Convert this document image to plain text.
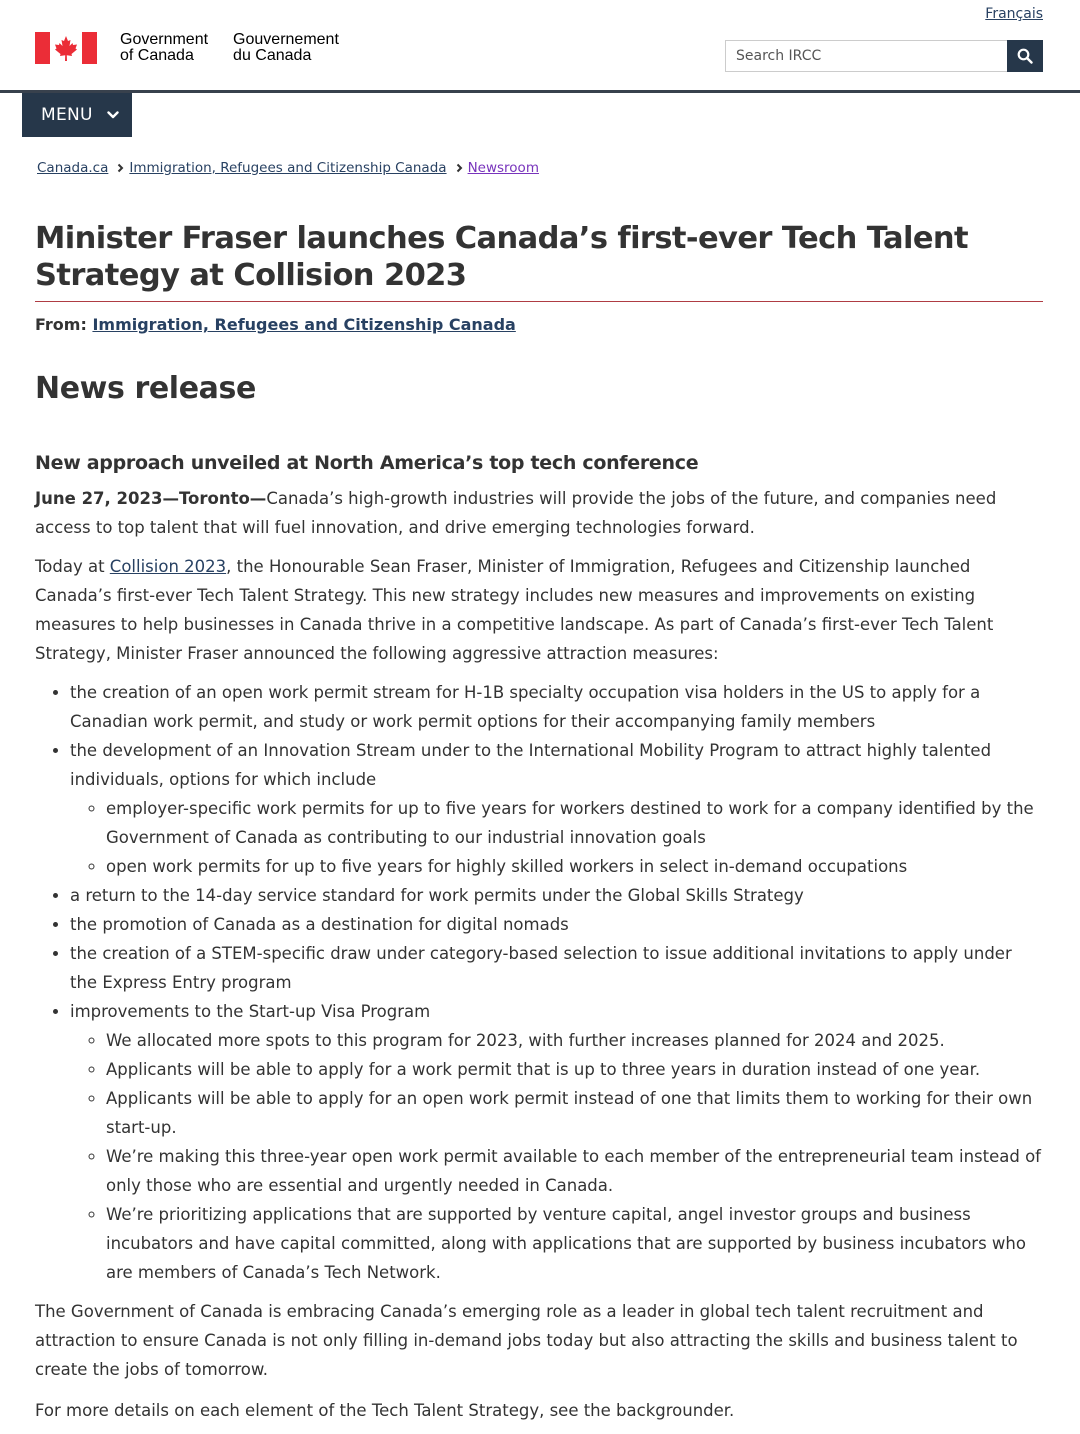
Français
Government
of Canada
Gouvernement
du Canada
Search IRCC
MENU
Canada.ca Immigration, Refugees and Citizenship Canada Newsroom
Minister Fraser launches Canada’s first-ever Tech Talent Strategy at Collision 2023
From: Immigration, Refugees and Citizenship Canada
News release
New approach unveiled at North America’s top tech conference

June 27, 2023—Toronto—Canada’s high-growth industries will provide the jobs of the future, and companies need access to top talent that will fuel innovation, and drive emerging technologies forward.

Today at Collision 2023, the Honourable Sean Fraser, Minister of Immigration, Refugees and Citizenship launched Canada’s first-ever Tech Talent Strategy. This new strategy includes new measures and improvements on existing measures to help businesses in Canada thrive in a competitive landscape. As part of Canada’s first-ever Tech Talent Strategy, Minister Fraser announced the following aggressive attraction measures:

• the creation of an open work permit stream for H-1B specialty occupation visa holders in the US to apply for a Canadian work permit, and study or work permit options for their accompanying family members
• the development of an Innovation Stream under to the International Mobility Program to attract highly talented individuals, options for which include
◦ employer-specific work permits for up to five years for workers destined to work for a company identified by the Government of Canada as contributing to our industrial innovation goals
◦ open work permits for up to five years for highly skilled workers in select in-demand occupations
• a return to the 14-day service standard for work permits under the Global Skills Strategy
• the promotion of Canada as a destination for digital nomads
• the creation of a STEM-specific draw under category-based selection to issue additional invitations to apply under the Express Entry program
• improvements to the Start-up Visa Program
◦ We allocated more spots to this program for 2023, with further increases planned for 2024 and 2025.
◦ Applicants will be able to apply for a work permit that is up to three years in duration instead of one year.
◦ Applicants will be able to apply for an open work permit instead of one that limits them to working for their own start-up.
◦ We’re making this three-year open work permit available to each member of the entrepreneurial team instead of only those who are essential and urgently needed in Canada.
◦ We’re prioritizing applications that are supported by venture capital, angel investor groups and business incubators and have capital committed, along with applications that are supported by business incubators who are members of Canada’s Tech Network.

The Government of Canada is embracing Canada’s emerging role as a leader in global tech talent recruitment and attraction to ensure Canada is not only filling in-demand jobs today but also attracting the skills and business talent to create the jobs of tomorrow.

For more details on each element of the Tech Talent Strategy, see the backgrounder.
